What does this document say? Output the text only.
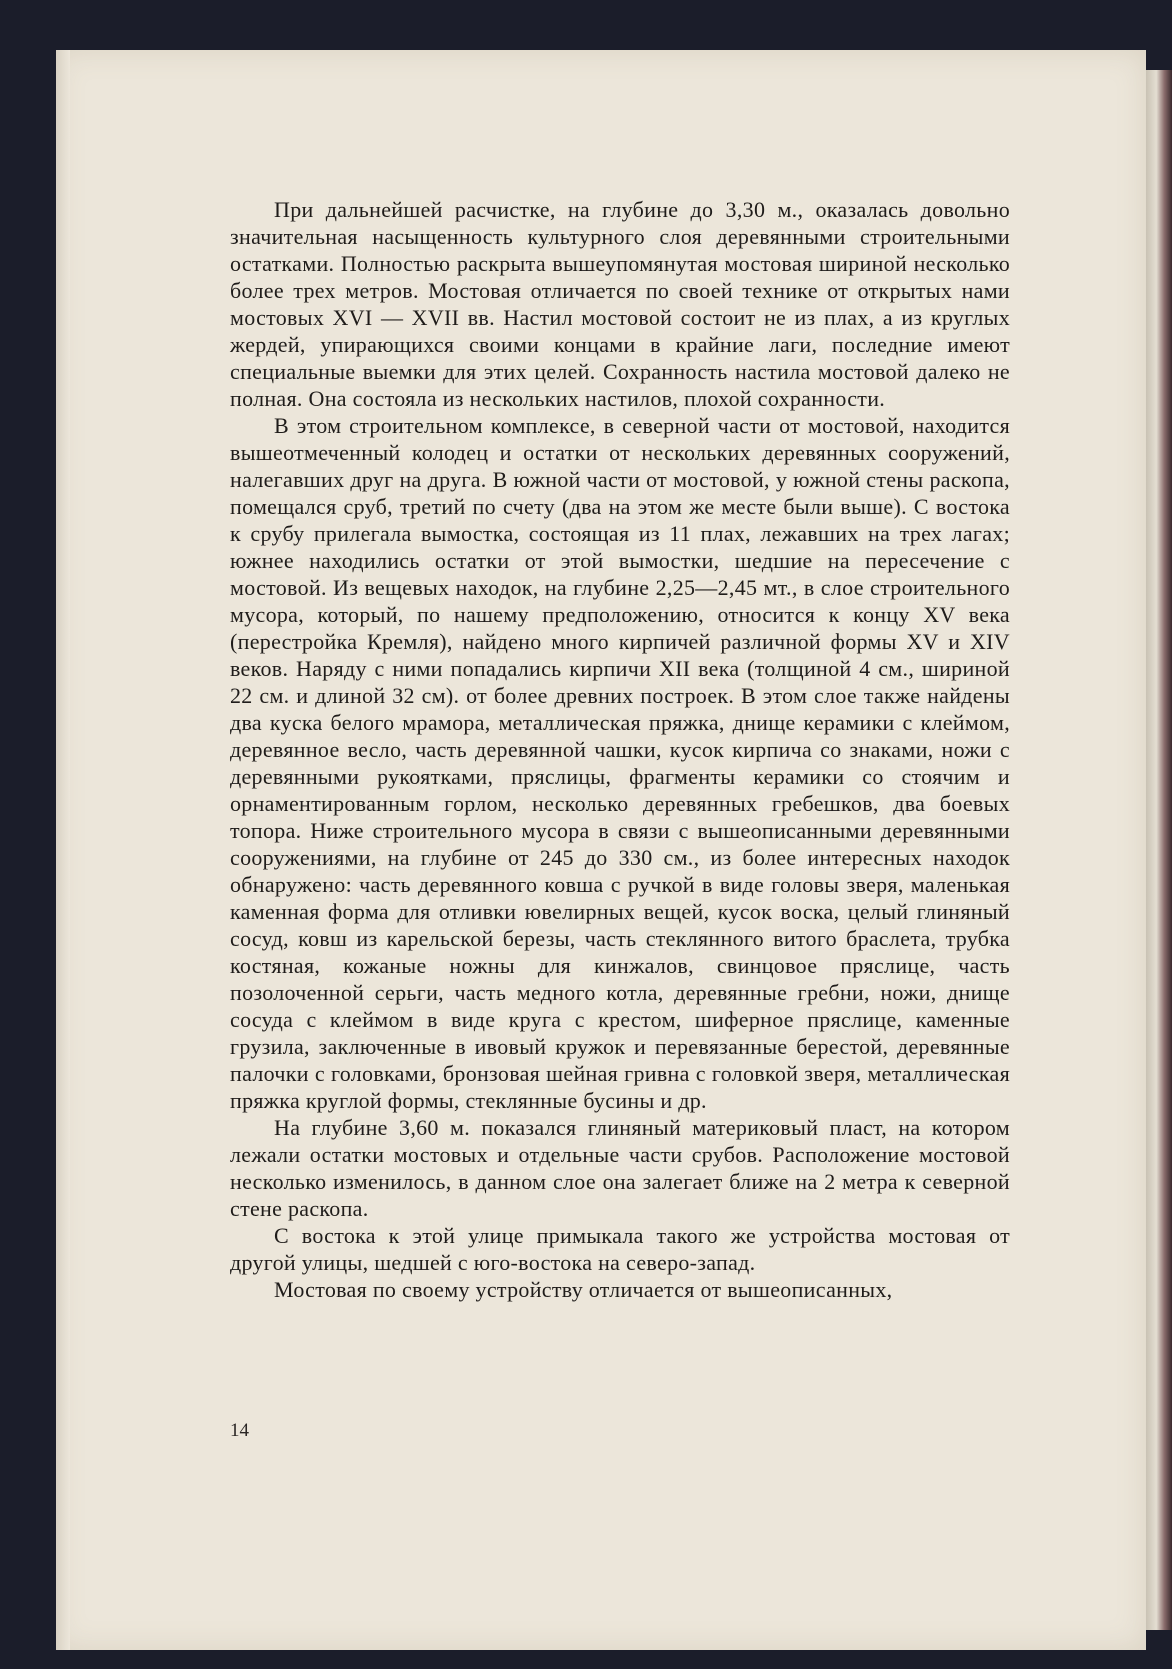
При дальнейшей расчистке, на глубине до 3,30 м., оказалась довольно значительная насыщенность культурного слоя деревянными строительными остатками. Полностью раскрыта вышеупомянутая мостовая шириной несколько более трех метров. Мостовая отличается по своей технике от открытых нами мостовых XVI — XVII вв. Настил мостовой состоит не из плах, а из круглых жердей, упирающихся своими концами в крайние лаги, последние имеют специальные выемки для этих целей. Сохранность настила мостовой далеко не полная. Она состояла из нескольких настилов, плохой сохранности.

В этом строительном комплексе, в северной части от мостовой, находится вышеотмеченный колодец и остатки от нескольких деревянных сооружений, налегавших друг на друга. В южной части от мостовой, у южной стены раскопа, помещался сруб, третий по счету (два на этом же месте были выше). С востока к срубу прилегала вымостка, состоящая из 11 плах, лежавших на трех лагах; южнее находились остатки от этой вымостки, шедшие на пересечение с мостовой. Из вещевых находок, на глубине 2,25—2,45 мт., в слое строительного мусора, который, по нашему предположению, относится к концу XV века (перестройка Кремля), найдено много кирпичей различной формы XV и XIV веков. Наряду с ними попадались кирпичи XII века (толщиной 4 см., шириной 22 см. и длиной 32 см). от более древних построек. В этом слое также найдены два куска белого мрамора, металлическая пряжка, днище керамики с клеймом, деревянное весло, часть деревянной чашки, кусок кирпича со знаками, ножи с деревянными рукоятками, пряслицы, фрагменты керамики со стоячим и орнаментированным горлом, несколько деревянных гребешков, два боевых топора. Ниже строительного мусора в связи с вышеописанными деревянными сооружениями, на глубине от 245 до 330 см., из более интересных находок обнаружено: часть деревянного ковша с ручкой в виде головы зверя, маленькая каменная форма для отливки ювелирных вещей, кусок воска, целый глиняный сосуд, ковш из карельской березы, часть стеклянного витого браслета, трубка костяная, кожаные ножны для кинжалов, свинцовое пряслице, часть позолоченной серьги, часть медного котла, деревянные гребни, ножи, днище сосуда с клеймом в виде круга с крестом, шиферное пряслице, каменные грузила, заключенные в ивовый кружок и перевязанные берестой, деревянные палочки с головками, бронзовая шейная гривна с головкой зверя, металлическая пряжка круглой формы, стеклянные бусины и др.

На глубине 3,60 м. показался глиняный материковый пласт, на котором лежали остатки мостовых и отдельные части срубов. Расположение мостовой несколько изменилось, в данном слое она залегает ближе на 2 метра к северной стене раскопа.

С востока к этой улице примыкала такого же устройства мостовая от другой улицы, шедшей с юго-востока на северо-запад.

Мостовая по своему устройству отличается от вышеописанных,

14
